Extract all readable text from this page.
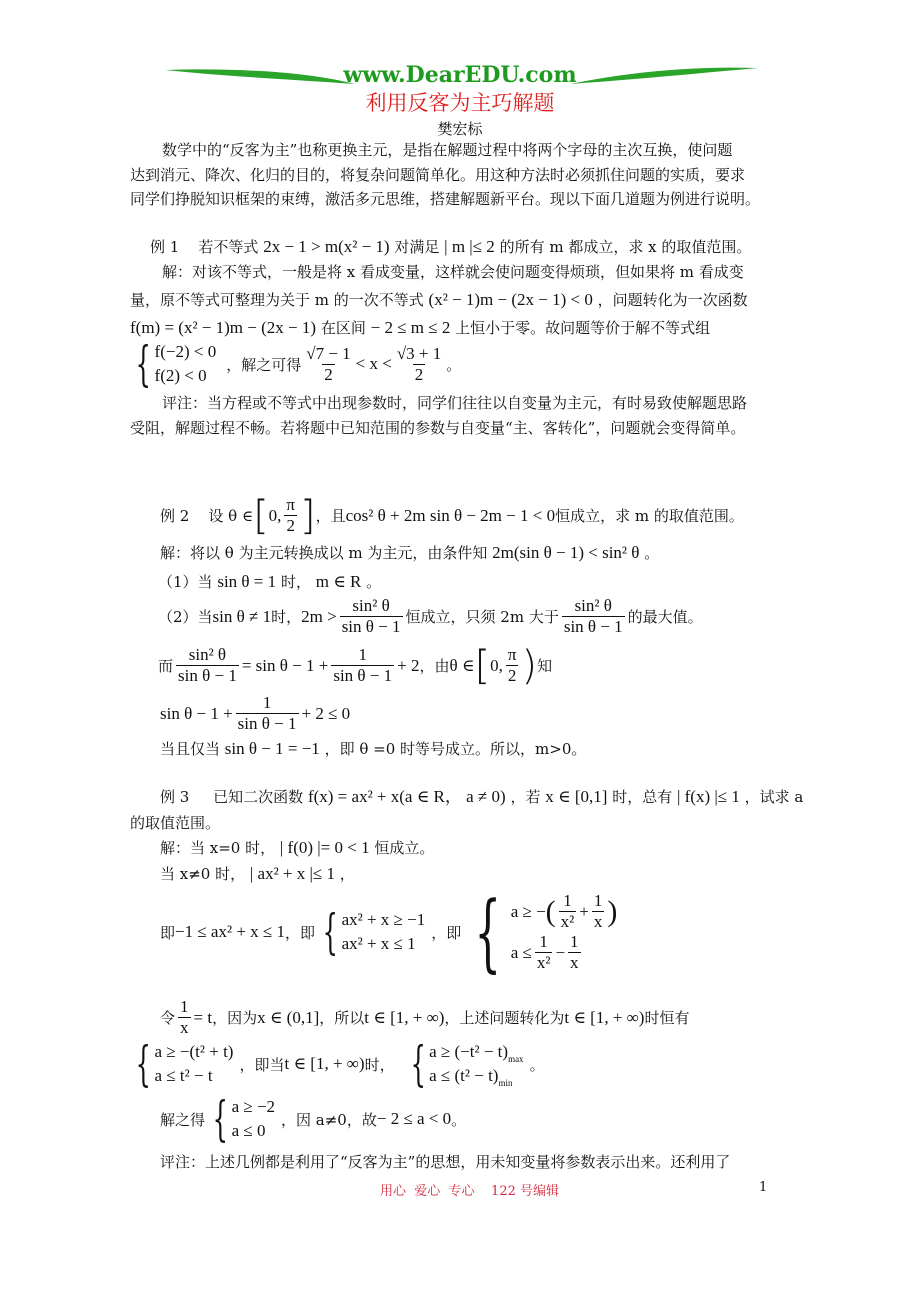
www.DearEDU.com
利用反客为主巧解题
樊宏标
数学中的“反客为主”也称更换主元，是指在解题过程中将两个字母的主次互换，使问题
达到消元、降次、化归的目的，将复杂问题简单化。用这种方法时必须抓住问题的实质，要求
同学们挣脱知识框架的束缚，激活多元思维，搭建解题新平台。现以下面几道题为例进行说明。
例 1 若不等式 2x − 1 > m(x² − 1) 对满足 | m |≤ 2 的所有 m 都成立，求 x 的取值范围。
解：对该不等式，一般是将 x 看成变量，这样就会使问题变得烦琐，但如果将 m 看成变
量，原不等式可整理为关于 m 的一次不等式 (x² − 1)m − (2x − 1) < 0 ，问题转化为一次函数
f(m) = (x² − 1)m − (2x − 1) 在区间 − 2 ≤ m ≤ 2 上恒小于零。故问题等价于解不等式组
{ f(−2) < 0
f(2) < 0
，解之可得 $\frac{√7 - 1}{2} < x < \frac{√3 + 1}{2}$ 。
评注：当方程或不等式中出现参数时，同学们往往以自变量为主元，有时易致使解题思路
受阻，解题过程不畅。若将题中已知范围的参数与自变量“主、客转化”，问题就会变得简单。
例 2
设 θ ∈ [ 0, $\frac{\pi}{2}$ ] ，且 cos² θ + 2m sin θ − 2m − 1 < 0 恒成立，求 m 的取值范围。
解：将以 θ 为主元转换成以 m 为主元，由条件知 2m(sin θ − 1) < sin² θ 。
（1）当 sin θ = 1 时， m ∈ R 。
（2）当 sin θ ≠ 1 时， $2m > \frac{\text{sin² θ}}{\text{sin θ − 1}}$ 恒成立，只须 2m 大于 $\frac{\text{sin² θ}}{\text{sin θ − 1}}$ 的最大值。
而 $\frac{\text{sin² θ}}{\text{sin θ − 1}} = \sin \theta - 1 + \frac{1}{\text{sin θ − 1}} + 2$ ，由 θ ∈ [ 0, $\frac{\pi}{2}$ ) 知
$\sin \theta - 1 + \frac{1}{\text{sin θ − 1}} + 2 \le 0$
当且仅当 sin θ − 1 = −1 ，即 θ =0 时等号成立。所以，m>0。
例 3 已知二次函数 f(x) = ax² + x(a ∈ R， a ≠ 0) ，若 x ∈ [0,1] 时，总有 | f(x) |≤ 1 ，试求 a
的取值范围。
解：当 x=0 时， | f(0) |= 0 < 1 恒成立。
当 x≠0 时， | ax² + x |≤ 1 ，
即 −1 ≤ ax² + x ≤ 1 ，即 { ax² + x ≥ −1
ax² + x ≤ 1
，即 { a ≥ − ( $\frac{1}{\text{x²}} + \frac{1}{x}$ )
$a \le \frac{1}{\text{x²}} - \frac{1}{x}$
令 $\frac{1}{x} = t$ ，因为 x ∈ (0,1] ，所以 t ∈ [1, + ∞) ，上述问题转化为 t ∈ [1, + ∞) 时恒有
{ a ≥ −(t² + t)
a ≤ t² − t
，即当 t ∈ [1, + ∞) 时， { $a \ge (-t^2 - t)_{max}$
$a \le (t^2 - t)_{min}$
。
解之得 { a ≥ −2
a ≤ 0
，因 a≠0，故 − 2 ≤ a < 0 。
评注：上述几例都是利用了“反客为主”的思想，用未知变量将参数表示出来。还利用了
用心  爱心  专心    122 号编辑	1
